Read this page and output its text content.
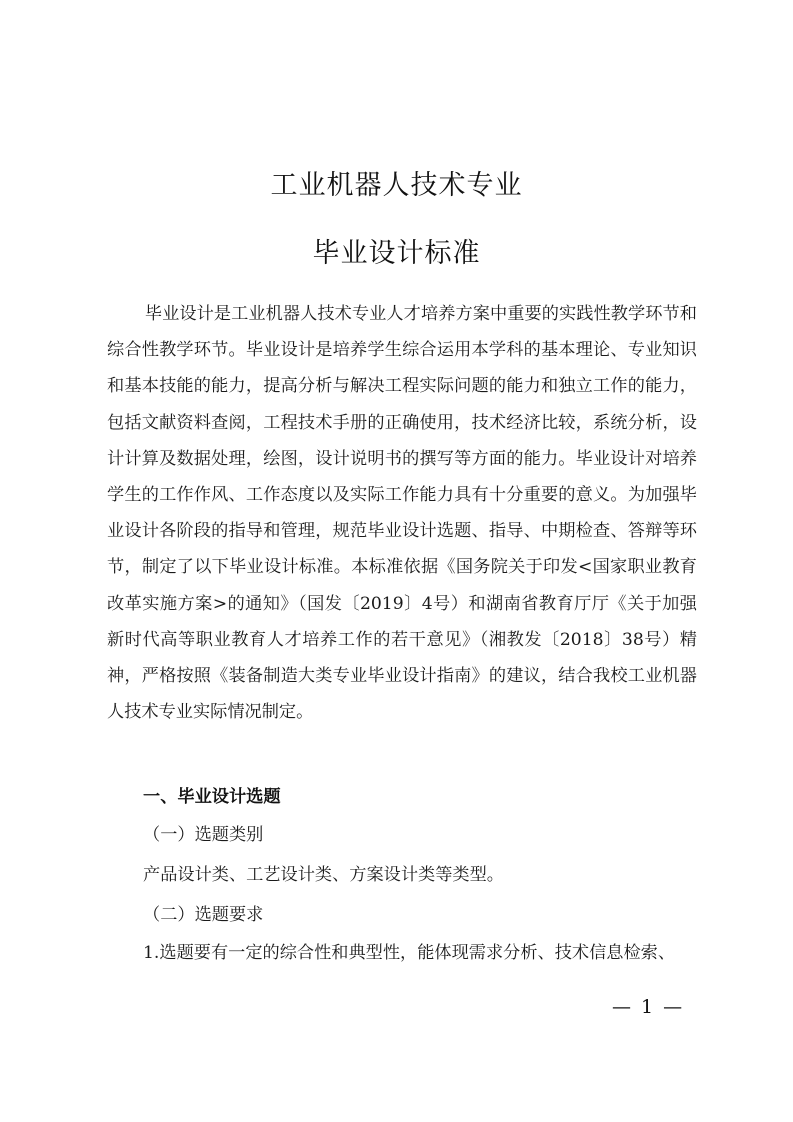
工业机器人技术专业
毕业设计标准

毕业设计是工业机器人技术专业人才培养方案中重要的实践性教学环节和综合性教学环节。毕业设计是培养学生综合运用本学科的基本理论、专业知识和基本技能的能力，提高分析与解决工程实际问题的能力和独立工作的能力，包括文献资料查阅，工程技术手册的正确使用，技术经济比较，系统分析，设计计算及数据处理，绘图，设计说明书的撰写等方面的能力。毕业设计对培养学生的工作作风、工作态度以及实际工作能力具有十分重要的意义。为加强毕业设计各阶段的指导和管理，规范毕业设计选题、指导、中期检查、答辩等环节，制定了以下毕业设计标准。本标准依据《国务院关于印发<国家职业教育改革实施方案>的通知》（国发〔2019〕4号）和湖南省教育厅厅《关于加强新时代高等职业教育人才培养工作的若干意见》（湘教发〔2018〕38号）精神，严格按照《装备制造大类专业毕业设计指南》的建议，结合我校工业机器人技术专业实际情况制定。

一、毕业设计选题
（一）选题类别
产品设计类、工艺设计类、方案设计类等类型。
（二）选题要求
1.选题要有一定的综合性和典型性，能体现需求分析、技术信息检索、
— 1 —
